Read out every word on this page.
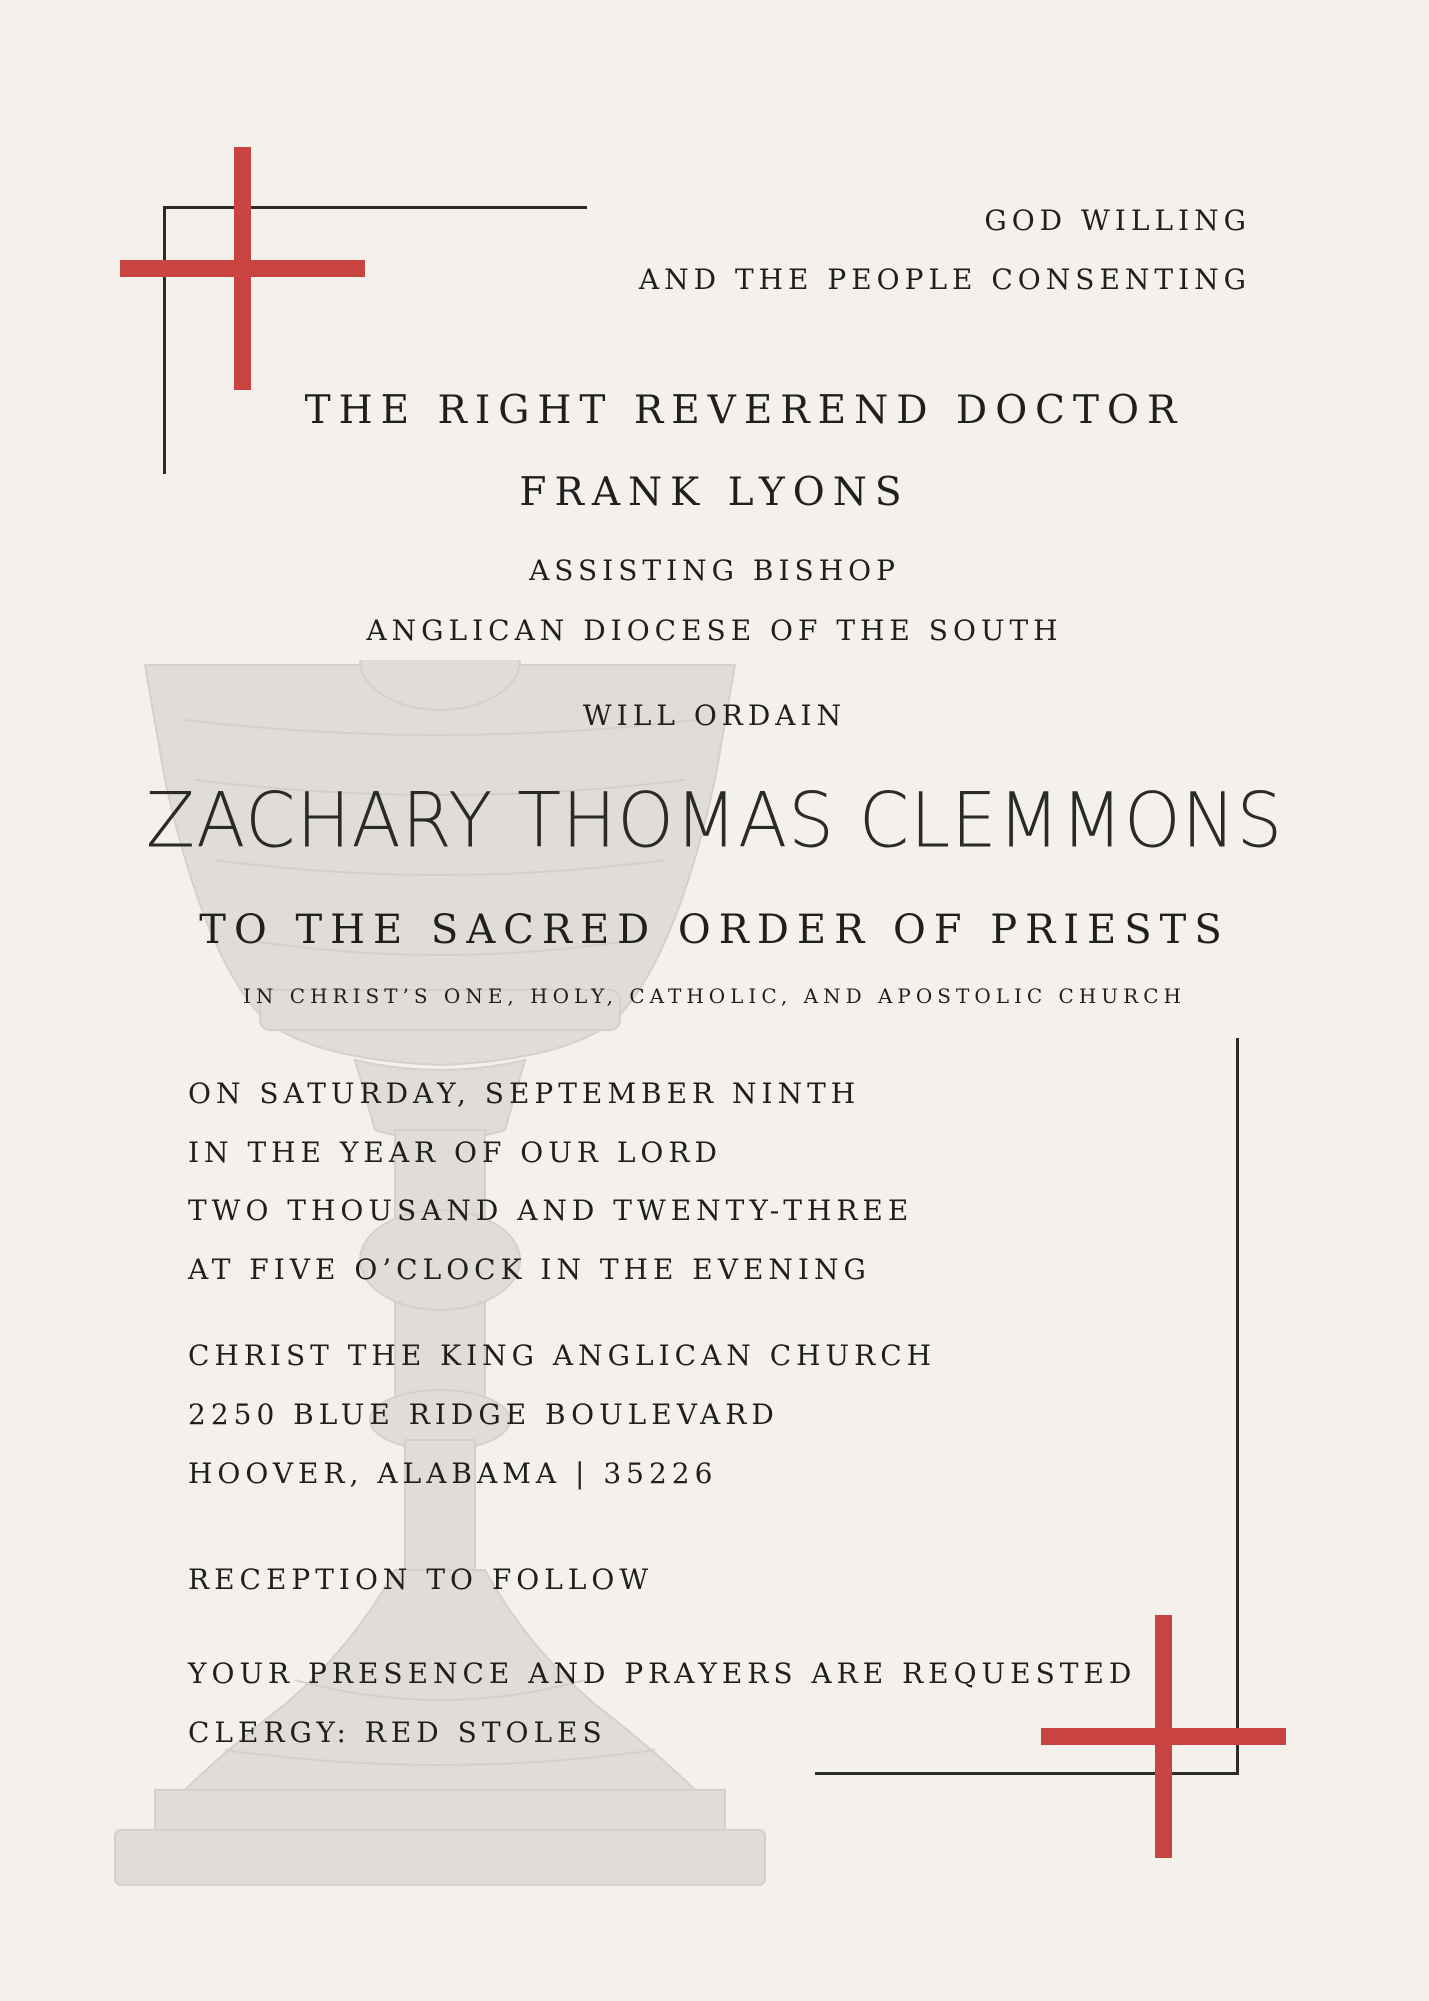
GOD WILLING
AND THE PEOPLE CONSENTING
THE RIGHT REVEREND DOCTOR
FRANK LYONS
ASSISTING BISHOP
ANGLICAN DIOCESE OF THE SOUTH
WILL ORDAIN
ZACHARY THOMAS CLEMMONS
TO THE SACRED ORDER OF PRIESTS
IN CHRIST’S ONE, HOLY, CATHOLIC, AND APOSTOLIC CHURCH
ON SATURDAY, SEPTEMBER NINTH
IN THE YEAR OF OUR LORD
TWO THOUSAND AND TWENTY-THREE
AT FIVE O’CLOCK IN THE EVENING
CHRIST THE KING ANGLICAN CHURCH
2250 BLUE RIDGE BOULEVARD
HOOVER, ALABAMA | 35226
RECEPTION TO FOLLOW
YOUR PRESENCE AND PRAYERS ARE REQUESTED
CLERGY: RED STOLES
